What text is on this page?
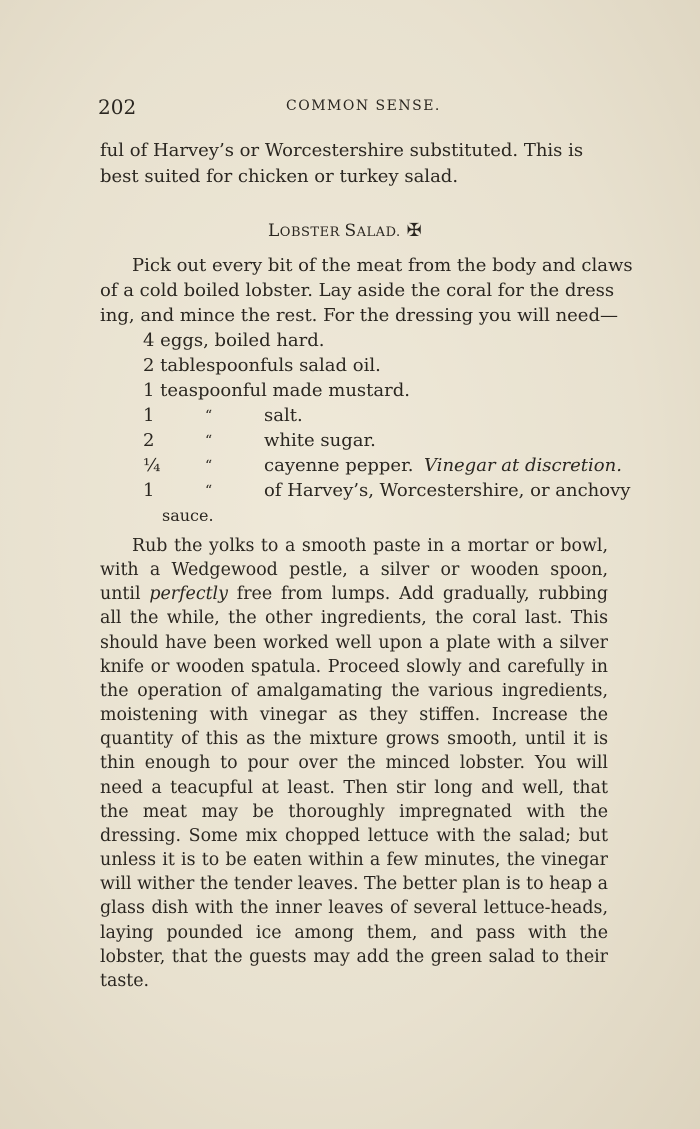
202	COMMON SENSE.
ful of Harvey’s or Worcestershire substituted. This is
best suited for chicken or turkey salad.
LOBSTER SALAD. ✠
Pick out every bit of the meat from the body and claws
of a cold boiled lobster. Lay aside the coral for the dress
ing, and mince the rest. For the dressing you will need—
4 eggs, boiled hard.
2 tablespoonfuls salad oil.
1 teaspoonful made mustard.
1	“	salt.
2	“	white sugar.
¼	“	cayenne pepper. Vinegar at discretion.
1	“	of Harvey’s, Worcestershire, or anchovy
sauce.

Rub the yolks to a smooth paste in a mortar or bowl, with a Wedgewood pestle, a silver or wooden spoon, until perfectly free from lumps. Add gradually, rubbing all the while, the other ingredients, the coral last. This should have been worked well upon a plate with a silver knife or wooden spatula. Proceed slowly and carefully in the operation of amalgamating the various ingredients, moistening with vinegar as they stiffen. Increase the quantity of this as the mixture grows smooth, until it is thin enough to pour over the minced lobster. You will need a teacupful at least. Then stir long and well, that the meat may be thoroughly impregnated with the dressing. Some mix chopped lettuce with the salad; but unless it is to be eaten within a few minutes, the vinegar will wither the tender leaves. The better plan is to heap a glass dish with the inner leaves of several lettuce-heads, laying pounded ice among them, and pass with the lobster, that the guests may add the green salad to their taste.
